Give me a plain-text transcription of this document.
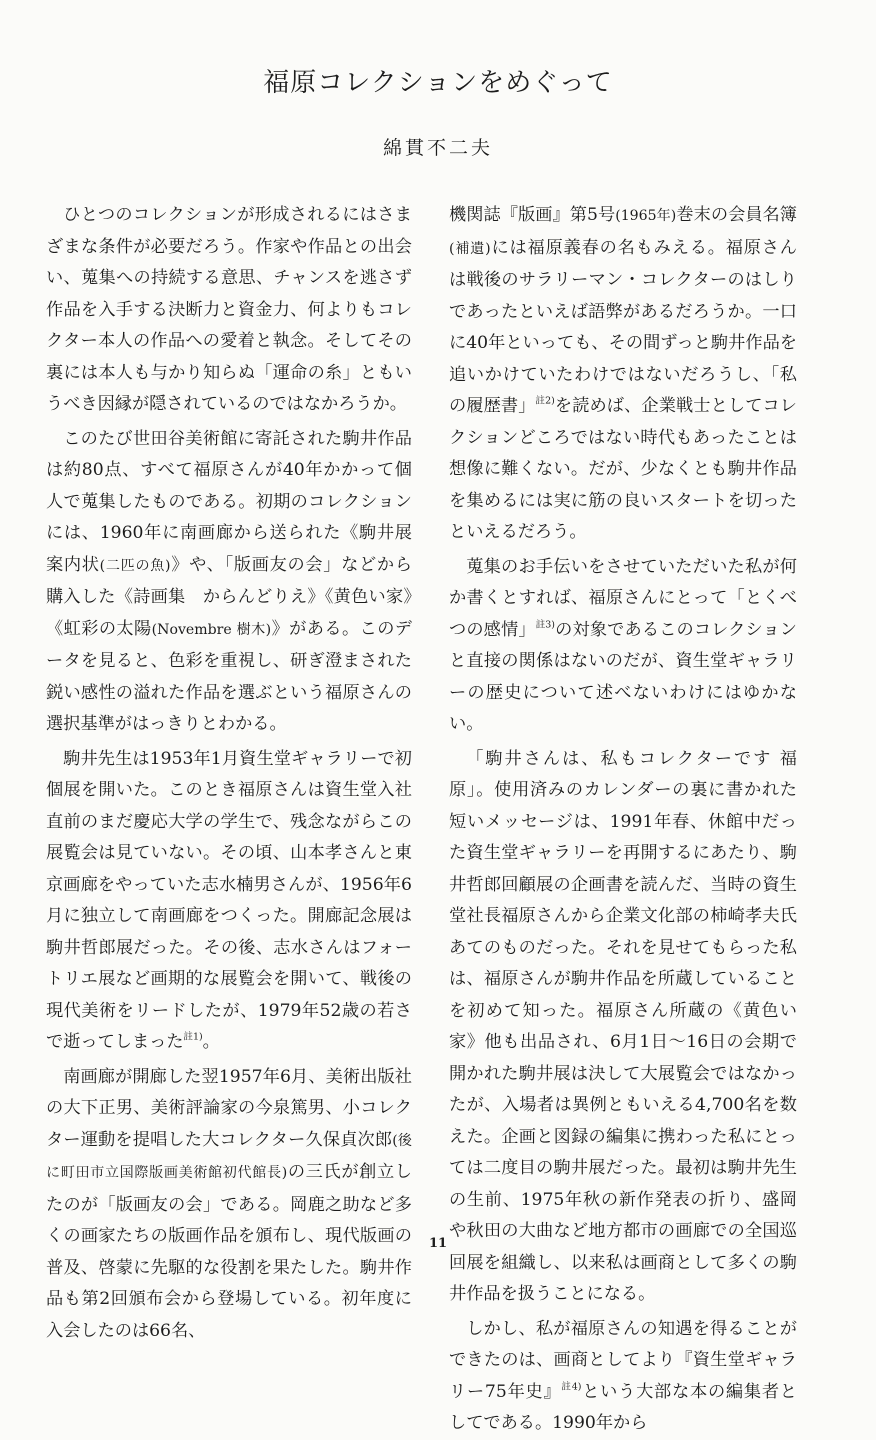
福原コレクションをめぐって
綿貫不二夫

ひとつのコレクションが形成されるにはさまざまな条件が必要だろう。作家や作品との出会い、蒐集への持続する意思、チャンスを逃さず作品を入手する決断力と資金力、何よりもコレクター本人の作品への愛着と執念。そしてその裏には本人も与かり知らぬ「運命の糸」ともいうべき因縁が隠されているのではなかろうか。

このたび世田谷美術館に寄託された駒井作品は約80点、すべて福原さんが40年かかって個人で蒐集したものである。初期のコレクションには、1960年に南画廊から送られた《駒井展案内状(二匹の魚)》や、「版画友の会」などから購入した《詩画集　からんどりえ》《黄色い家》《虹彩の太陽(Novembre 樹木)》がある。このデータを見ると、色彩を重視し、研ぎ澄まされた鋭い感性の溢れた作品を選ぶという福原さんの選択基準がはっきりとわかる。

駒井先生は1953年1月資生堂ギャラリーで初個展を開いた。このとき福原さんは資生堂入社直前のまだ慶応大学の学生で、残念ながらこの展覧会は見ていない。その頃、山本孝さんと東京画廊をやっていた志水楠男さんが、1956年6月に独立して南画廊をつくった。開廊記念展は駒井哲郎展だった。その後、志水さんはフォートリエ展など画期的な展覧会を開いて、戦後の現代美術をリードしたが、1979年52歳の若さで逝ってしまった$^{註1)}$。

南画廊が開廊した翌1957年6月、美術出版社の大下正男、美術評論家の今泉篤男、小コレクター運動を提唱した大コレクター久保貞次郎(後に町田市立国際版画美術館初代館長)の三氏が創立したのが「版画友の会」である。岡鹿之助など多くの画家たちの版画作品を頒布し、現代版画の普及、啓蒙に先駆的な役割を果たした。駒井作品も第2回頒布会から登場している。初年度に入会したのは66名、

機関誌『版画』第5号(1965年)巻末の会員名簿(補遺)には福原義春の名もみえる。福原さんは戦後のサラリーマン・コレクターのはしりであったといえば語弊があるだろうか。一口に40年といっても、その間ずっと駒井作品を追いかけていたわけではないだろうし、「私の履歴書」$^{註2)}$を読めば、企業戦士としてコレクションどころではない時代もあったことは想像に難くない。だが、少なくとも駒井作品を集めるには実に筋の良いスタートを切ったといえるだろう。

蒐集のお手伝いをさせていただいた私が何か書くとすれば、福原さんにとって「とくべつの感情」$^{註3)}$の対象であるこのコレクションと直接の関係はないのだが、資生堂ギャラリーの歴史について述べないわけにはゆかない。

「駒井さんは、私もコレクターです 福原」。使用済みのカレンダーの裏に書かれた短いメッセージは、1991年春、休館中だった資生堂ギャラリーを再開するにあたり、駒井哲郎回顧展の企画書を読んだ、当時の資生堂社長福原さんから企業文化部の柿崎孝夫氏あてのものだった。それを見せてもらった私は、福原さんが駒井作品を所蔵していることを初めて知った。福原さん所蔵の《黄色い家》他も出品され、6月1日〜16日の会期で開かれた駒井展は決して大展覧会ではなかったが、入場者は異例ともいえる4,700名を数えた。企画と図録の編集に携わった私にとっては二度目の駒井展だった。最初は駒井先生の生前、1975年秋の新作発表の折り、盛岡や秋田の大曲など地方都市の画廊での全国巡回展を組織し、以来私は画商として多くの駒井作品を扱うことになる。

しかし、私が福原さんの知遇を得ることができたのは、画商としてより『資生堂ギャラリー75年史』$^{註4)}$という大部な本の編集者としてである。1990年から

11
